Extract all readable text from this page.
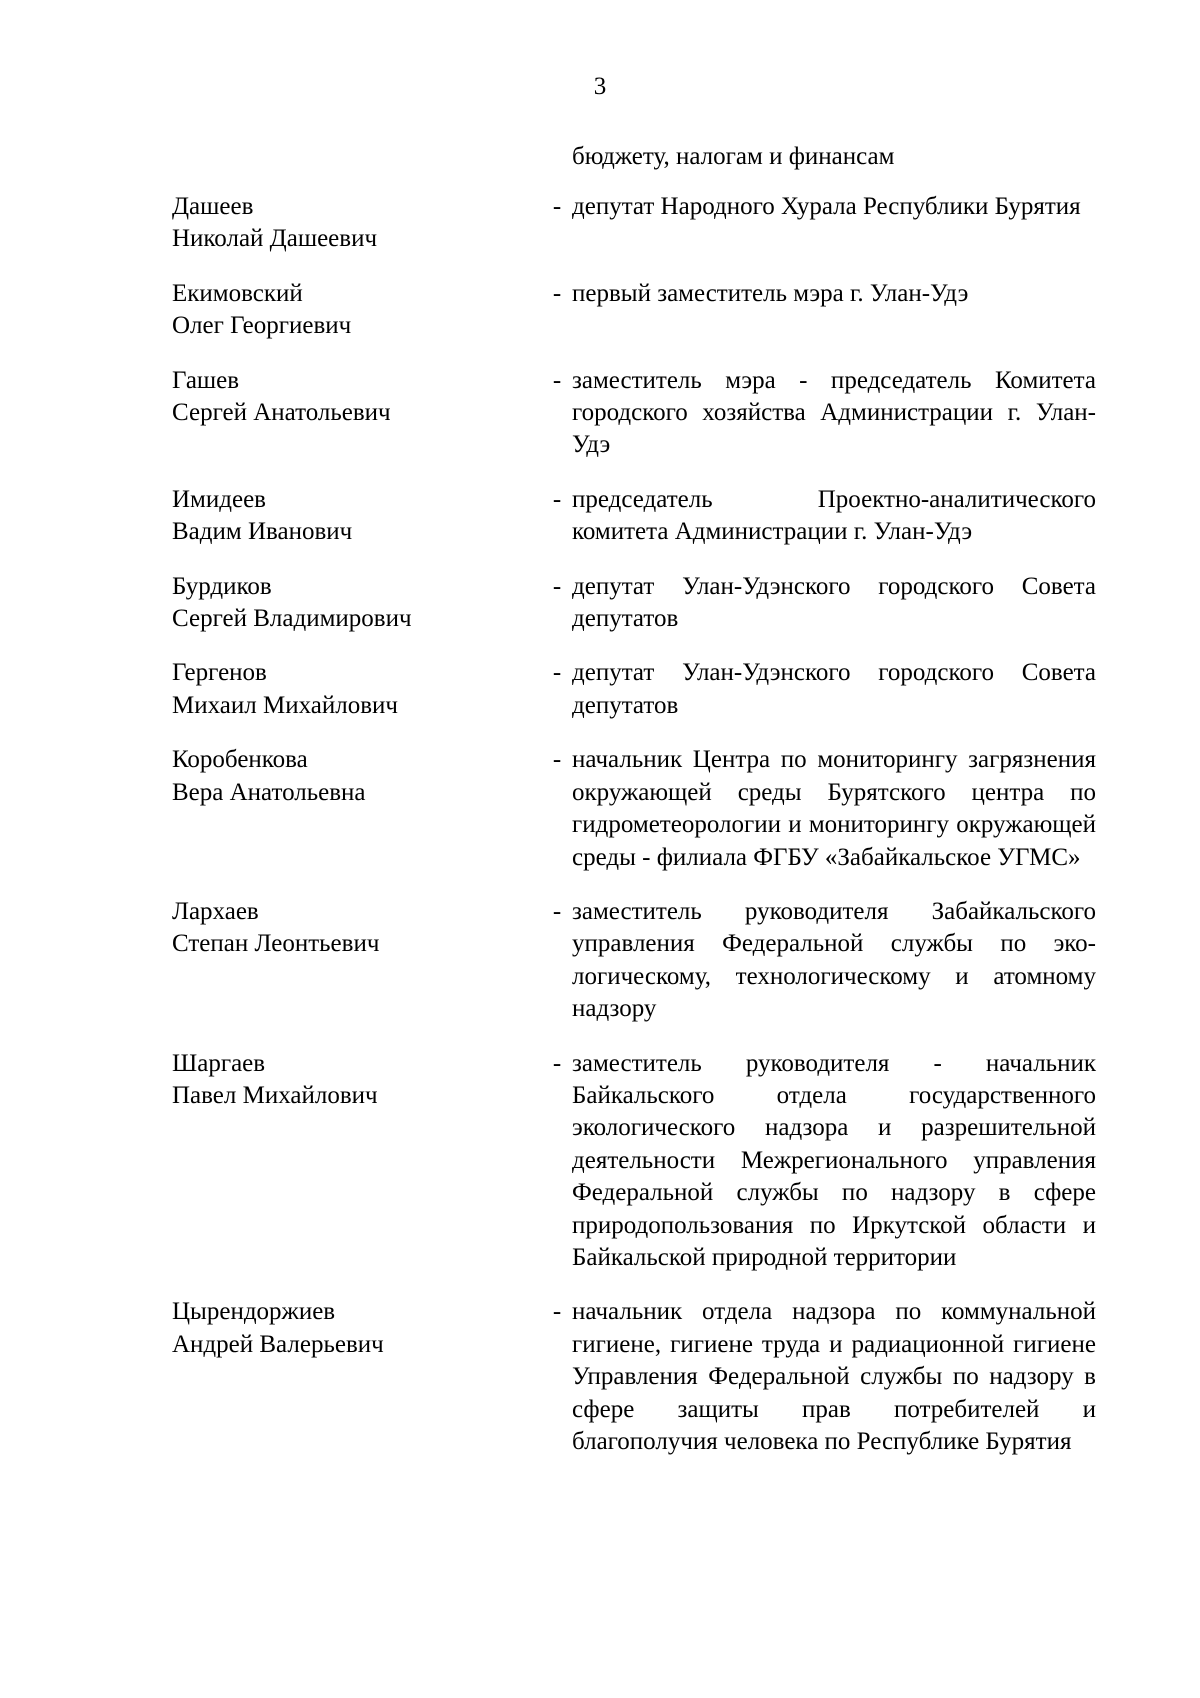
3
бюджету, налогам и финансам
Дашеев
Николай Дашеевич
- депутат Народного Хурала Республики Бурятия
Екимовский
Олег Георгиевич
- первый заместитель мэра г. Улан-Удэ
Гашев
Сергей Анатольевич
- заместитель мэра - председатель Комитета городского хозяйства Администрации г. Улан-Удэ
Имидеев
Вадим Иванович
- председатель Проектно-аналитического комитета Администрации г. Улан-Удэ
Бурдиков
Сергей Владимирович
- депутат Улан-Удэнского городского Совета депутатов
Гергенов
Михаил Михайлович
- депутат Улан-Удэнского городского Совета депутатов
Коробенкова
Вера Анатольевна
- начальник Центра по мониторингу загрязнения окружающей среды Бурятского центра по гидрометеорологии и мониторингу окружающей среды - филиала ФГБУ «Забайкальское УГМС»
Лархаев
Степан Леонтьевич
- заместитель руководителя Забайкальского управления Федеральной службы по экологическому, технологическому и атомному надзору
Шаргаев
Павел Михайлович
- заместитель руководителя - начальник Байкальского отдела государственного экологического надзора и разрешительной деятельности Межрегионального управления Федеральной службы по надзору в сфере природопользования по Иркутской области и Байкальской природной территории
Цырендоржиев
Андрей Валерьевич
- начальник отдела надзора по коммунальной гигиене, гигиене труда и радиационной гигиене Управления Федеральной службы по надзору в сфере защиты прав потребителей и благополучия человека по Республике Бурятия
